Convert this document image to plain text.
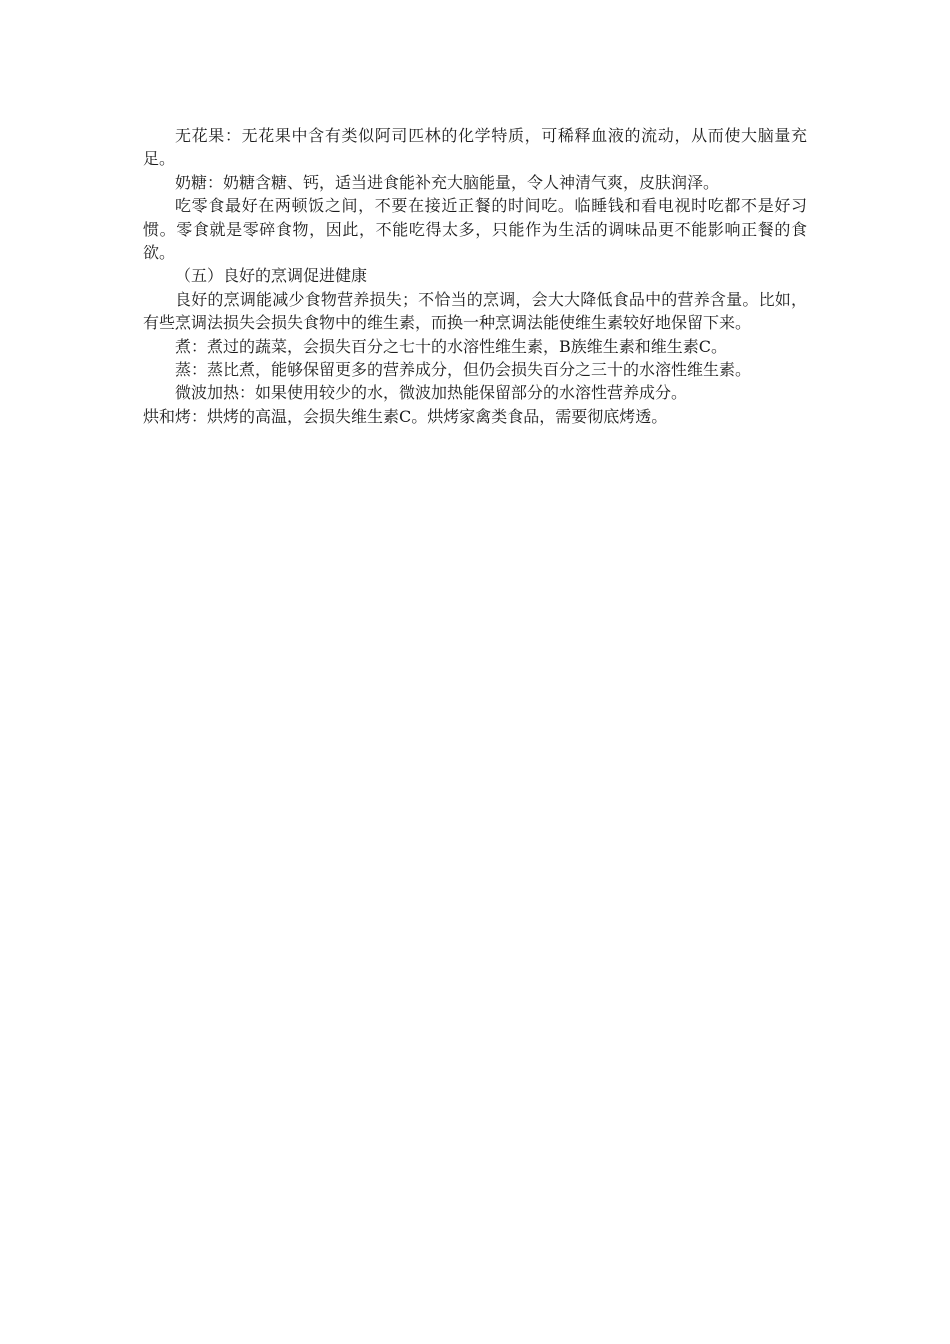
无花果：无花果中含有类似阿司匹林的化学特质，可稀释血液的流动，从而使大脑量充足。

奶糖：奶糖含糖、钙，适当进食能补充大脑能量，令人神清气爽，皮肤润泽。

吃零食最好在两顿饭之间，不要在接近正餐的时间吃。临睡钱和看电视时吃都不是好习惯。零食就是零碎食物，因此，不能吃得太多，只能作为生活的调味品更不能影响正餐的食欲。

（五）良好的烹调促进健康

良好的烹调能减少食物营养损失；不恰当的烹调，会大大降低食品中的营养含量。比如，有些烹调法损失会损失食物中的维生素，而换一种烹调法能使维生素较好地保留下来。

煮：煮过的蔬菜，会损失百分之七十的水溶性维生素，B族维生素和维生素C。

蒸：蒸比煮，能够保留更多的营养成分，但仍会损失百分之三十的水溶性维生素。

微波加热：如果使用较少的水，微波加热能保留部分的水溶性营养成分。

烘和烤：烘烤的高温，会损失维生素C。烘烤家禽类食品，需要彻底烤透。
